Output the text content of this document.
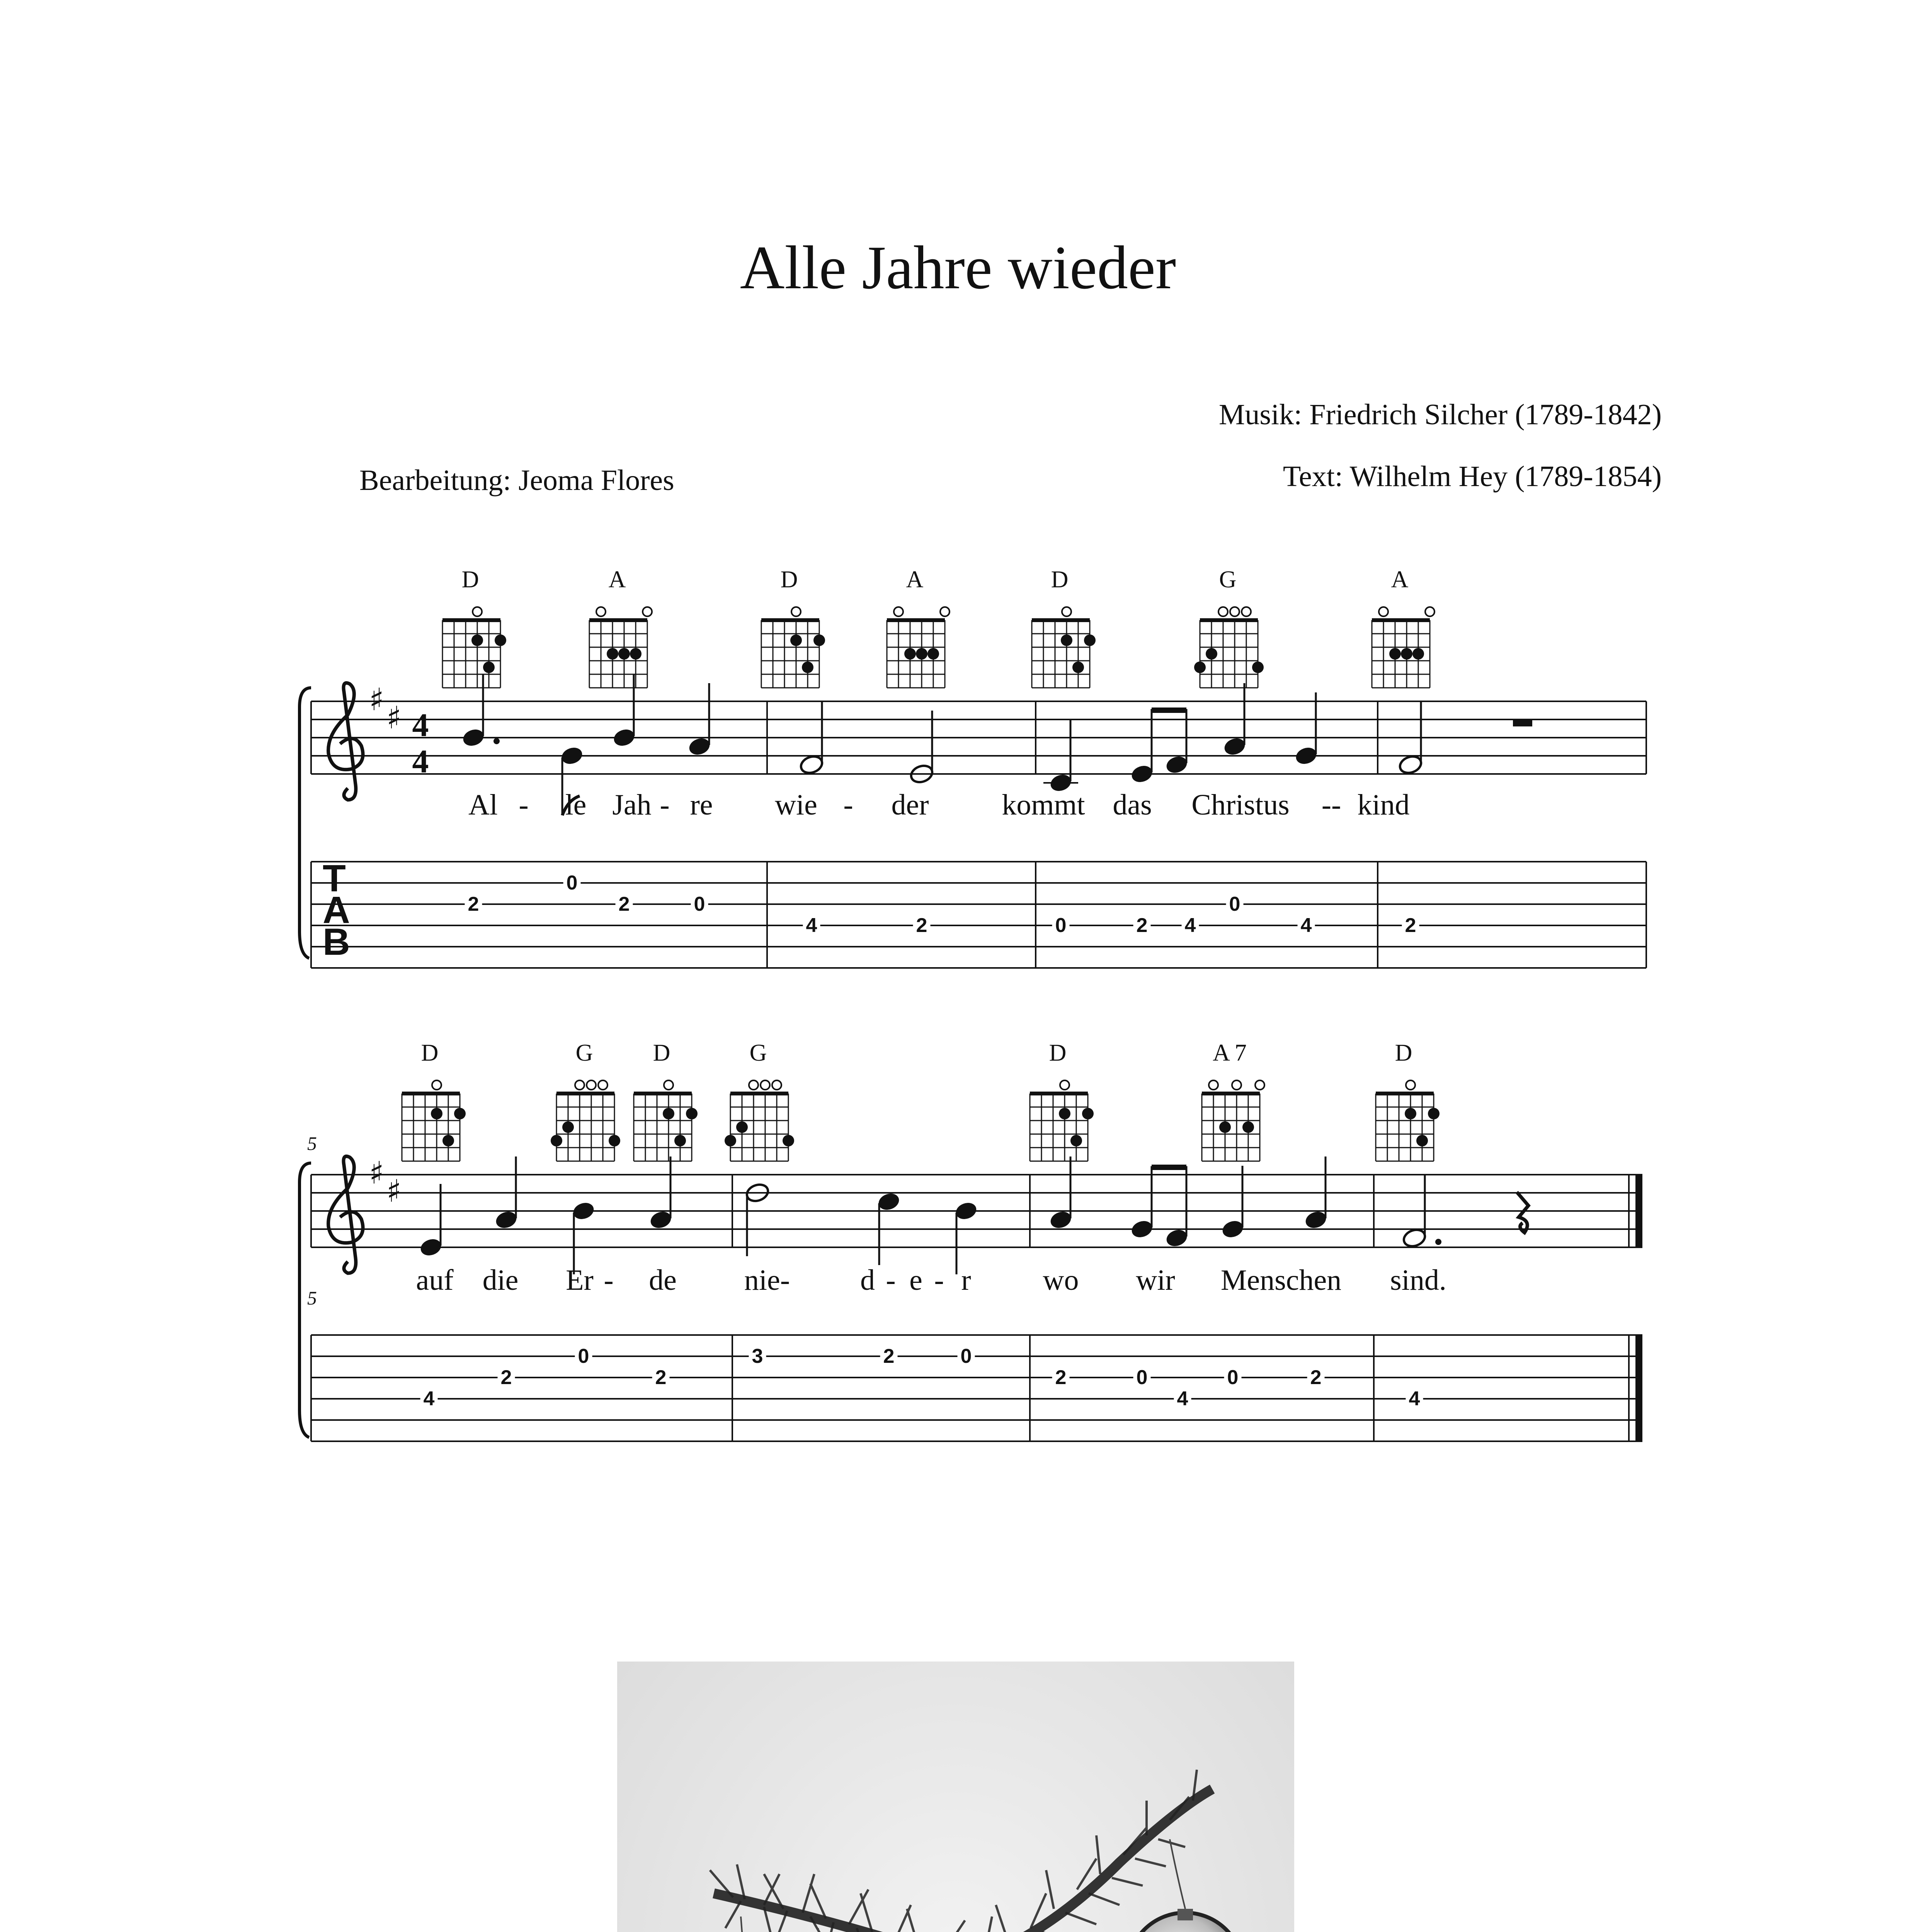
Alle Jahre wieder
Musik: Friedrich Silcher (1789-1842)
Text: Wilhelm Hey (1789-1854)
Bearbeitung: Jeoma Flores
D	A	D	A	D	G	A
♯
♯ 4
4
Al - le Jah - re wie - der kommt das Christus -- kind
T
A
B
2
0
2	0
4	2	0	2 4
0
4	2
D	G	D	G	D	A 7	D
5
5
♯
♯
auf die Er - de nie- d - e - r wo wir Menschen sind.
4
2
0
2
3	2	0
2	0
4
0	2
4
